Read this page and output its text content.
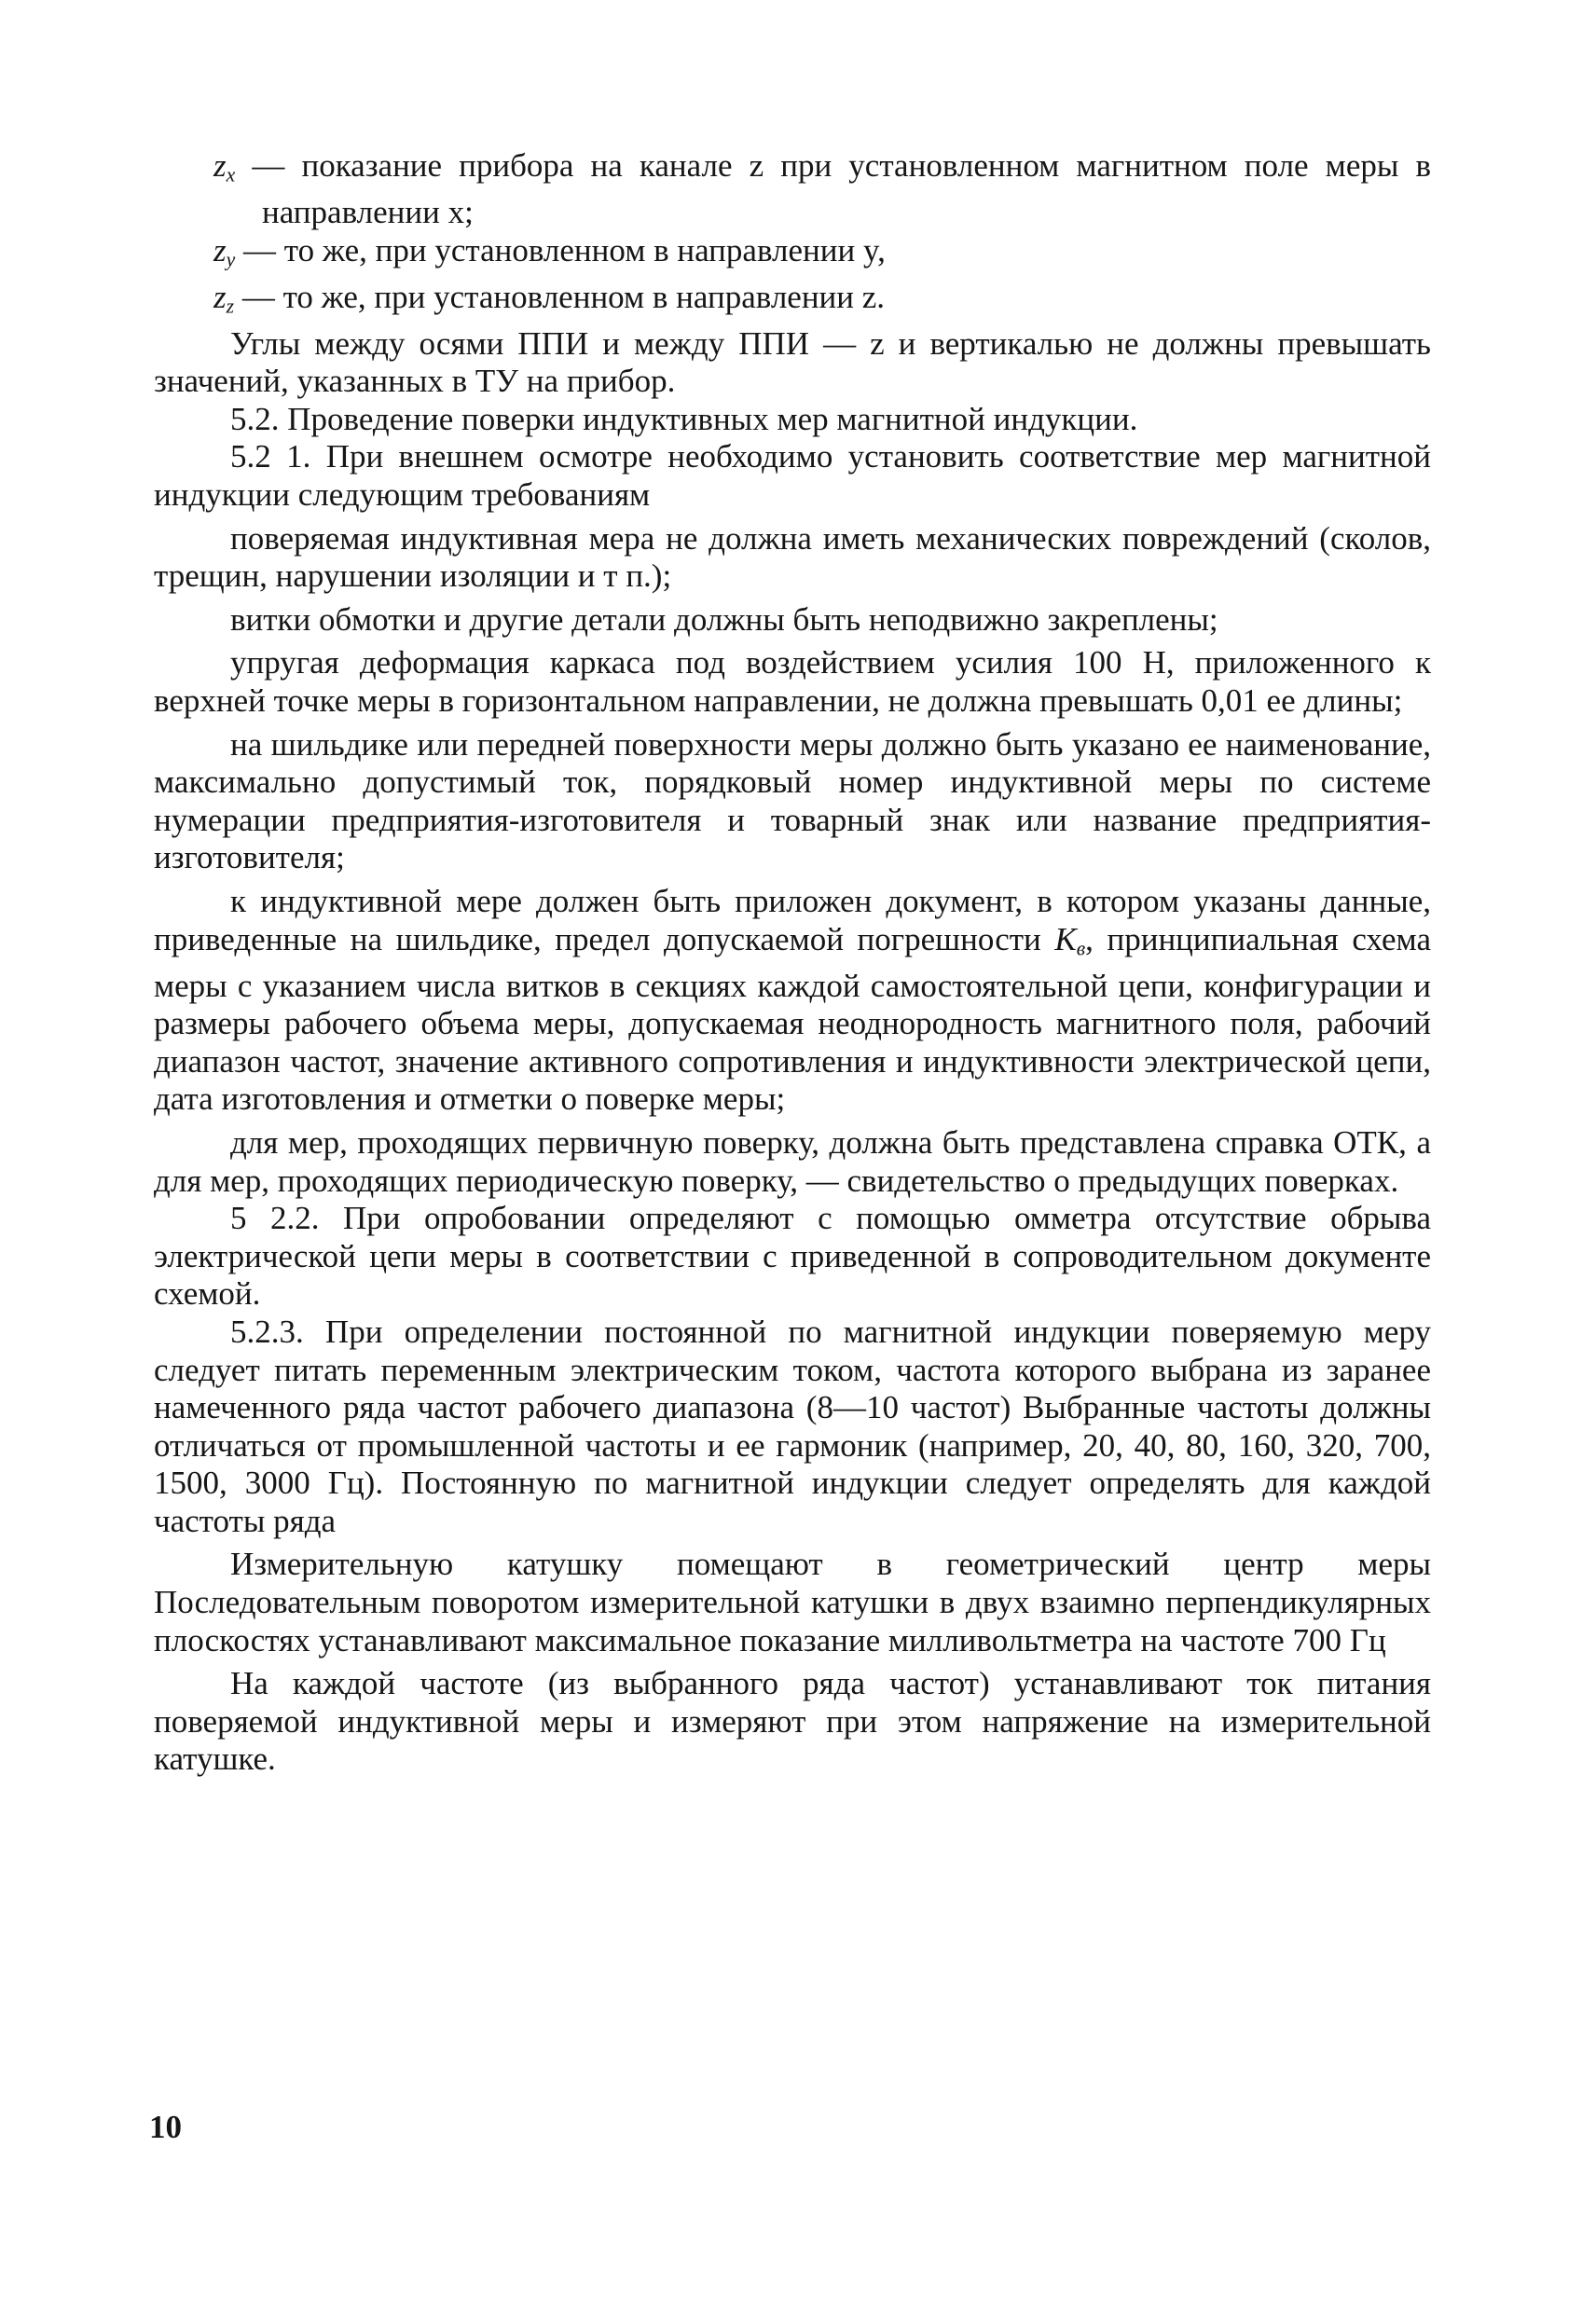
$z_x$ — показание прибора на канале z при установленном магнитном поле меры в направлении x;

$z_y$ — то же, при установленном в направлении y,

$z_z$ — то же, при установленном в направлении z.

Углы между осями ППИ и между ППИ — z и вертикалью не должны превышать значений, указанных в ТУ на прибор.

5.2. Проведение поверки индуктивных мер магнитной индукции.

5.2 1. При внешнем осмотре необходимо установить соответствие мер магнитной индукции следующим требованиям

поверяемая индуктивная мера не должна иметь механических повреждений (сколов, трещин, нарушении изоляции и т п.);

витки обмотки и другие детали должны быть неподвижно закреплены;

упругая деформация каркаса под воздействием усилия 100 Н, приложенного к верхней точке меры в горизонтальном направлении, не должна превышать 0,01 ее длины;

на шильдике или передней поверхности меры должно быть указано ее наименование, максимально допустимый ток, порядковый номер индуктивной меры по системе нумерации предприятия-изготовителя и товарный знак или название предприятия-изготовителя;

к индуктивной мере должен быть приложен документ, в котором указаны данные, приведенные на шильдике, предел допускаемой погрешности $K_в$, принципиальная схема меры с указанием числа витков в секциях каждой самостоятельной цепи, конфигурации и размеры рабочего объема меры, допускаемая неоднородность магнитного поля, рабочий диапазон частот, значение активного сопротивления и индуктивности электрической цепи, дата изготовления и отметки о поверке меры;

для мер, проходящих первичную поверку, должна быть представлена справка ОТК, а для мер, проходящих периодическую поверку, — свидетельство о предыдущих поверках.

5 2.2. При опробовании определяют с помощью омметра отсутствие обрыва электрической цепи меры в соответствии с приведенной в сопроводительном документе схемой.

5.2.3. При определении постоянной по магнитной индукции поверяемую меру следует питать переменным электрическим током, частота которого выбрана из заранее намеченного ряда частот рабочего диапазона (8—10 частот) Выбранные частоты должны отличаться от промышленной частоты и ее гармоник (например, 20, 40, 80, 160, 320, 700, 1500, 3000 Гц). Постоянную по магнитной индукции следует определять для каждой частоты ряда

Измерительную катушку помещают в геометрический центр меры Последовательным поворотом измерительной катушки в двух взаимно перпендикулярных плоскостях устанавливают максимальное показание милливольтметра на частоте 700 Гц

На каждой частоте (из выбранного ряда частот) устанавливают ток питания поверяемой индуктивной меры и измеряют при этом напряжение на измерительной катушке.

10
